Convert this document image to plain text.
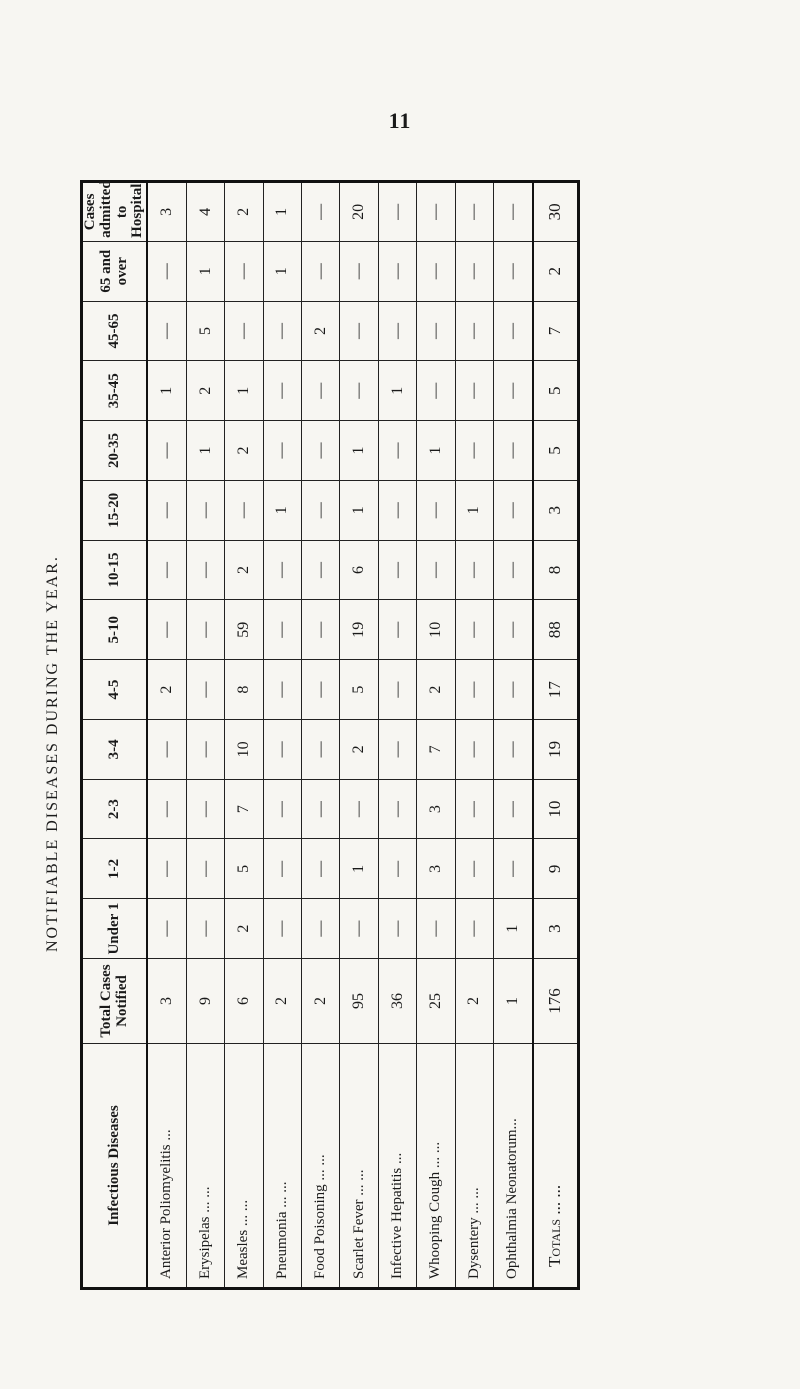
11
NOTIFIABLE DISEASES DURING THE YEAR.
Infectious Diseases	Total Cases Notified	Under 1	1-2	2-3	3-4	4-5	5-10	10-15	15-20	20-35	35-45	45-65	65 and over	Cases admitted to Hospital
Anterior Poliomyelitis ...	3	—	—	—	—	2	—	—	—	—	1	—	—	3
Erysipelas ... ...	9	—	—	—	—	—	—	—	—	1	2	5	1	4
Measles ... ...	6	2	5	7	10	8	59	2	—	2	1	—	—	2
Pneumonia ... ...	2	—	—	—	—	—	—	—	1	—	—	—	1	1
Food Poisoning ... ...	2	—	—	—	—	—	—	—	—	—	—	2	—	—
Scarlet Fever ... ...	95	—	1	—	2	5	19	6	1	1	—	—	—	20
Infective Hepatitis ...	36	—	—	—	—	—	—	—	—	—	1	—	—	—
Whooping Cough ... ...	25	—	3	3	7	2	10	—	—	1	—	—	—	—
Dysentery ... ...	2	—	—	—	—	—	—	—	1	—	—	—	—	—
Ophthalmia Neonatorum...	1	1	—	—	—	—	—	—	—	—	—	—	—	—
Totals ... ...	176	3	9	10	19	17	88	8	3	5	5	7	2	30
